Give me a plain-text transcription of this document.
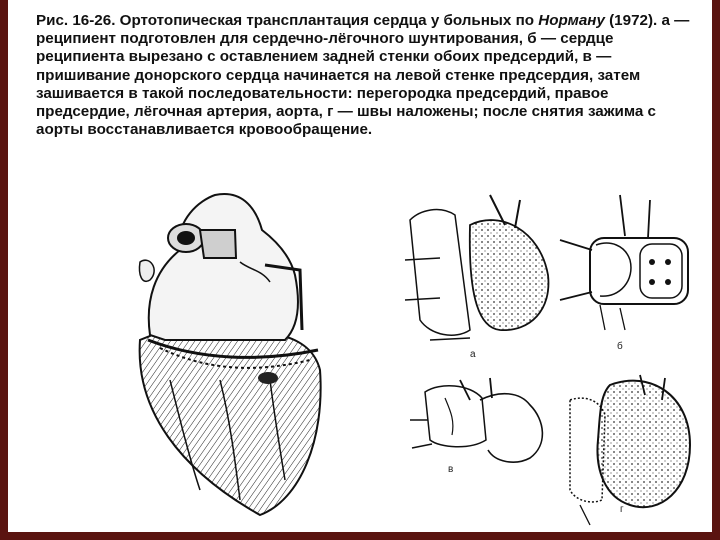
Рис. 16-26. Ортотопическая трансплантация сердца у больных по Норману (1972). а — реципиент подготовлен для сердечно-лёгочного шунтирования, б — сердце реципиента вырезано с оставлением задней стенки обоих предсердий, в — пришивание донорского сердца начинается на левой стенке предсердия, затем зашивается в такой последовательности: перегородка предсердий, правое предсердие, лёгочная артерия, аорта, г — швы наложены; после снятия зажима с аорты восстанавливается кровообращение.

а
б
в
г
